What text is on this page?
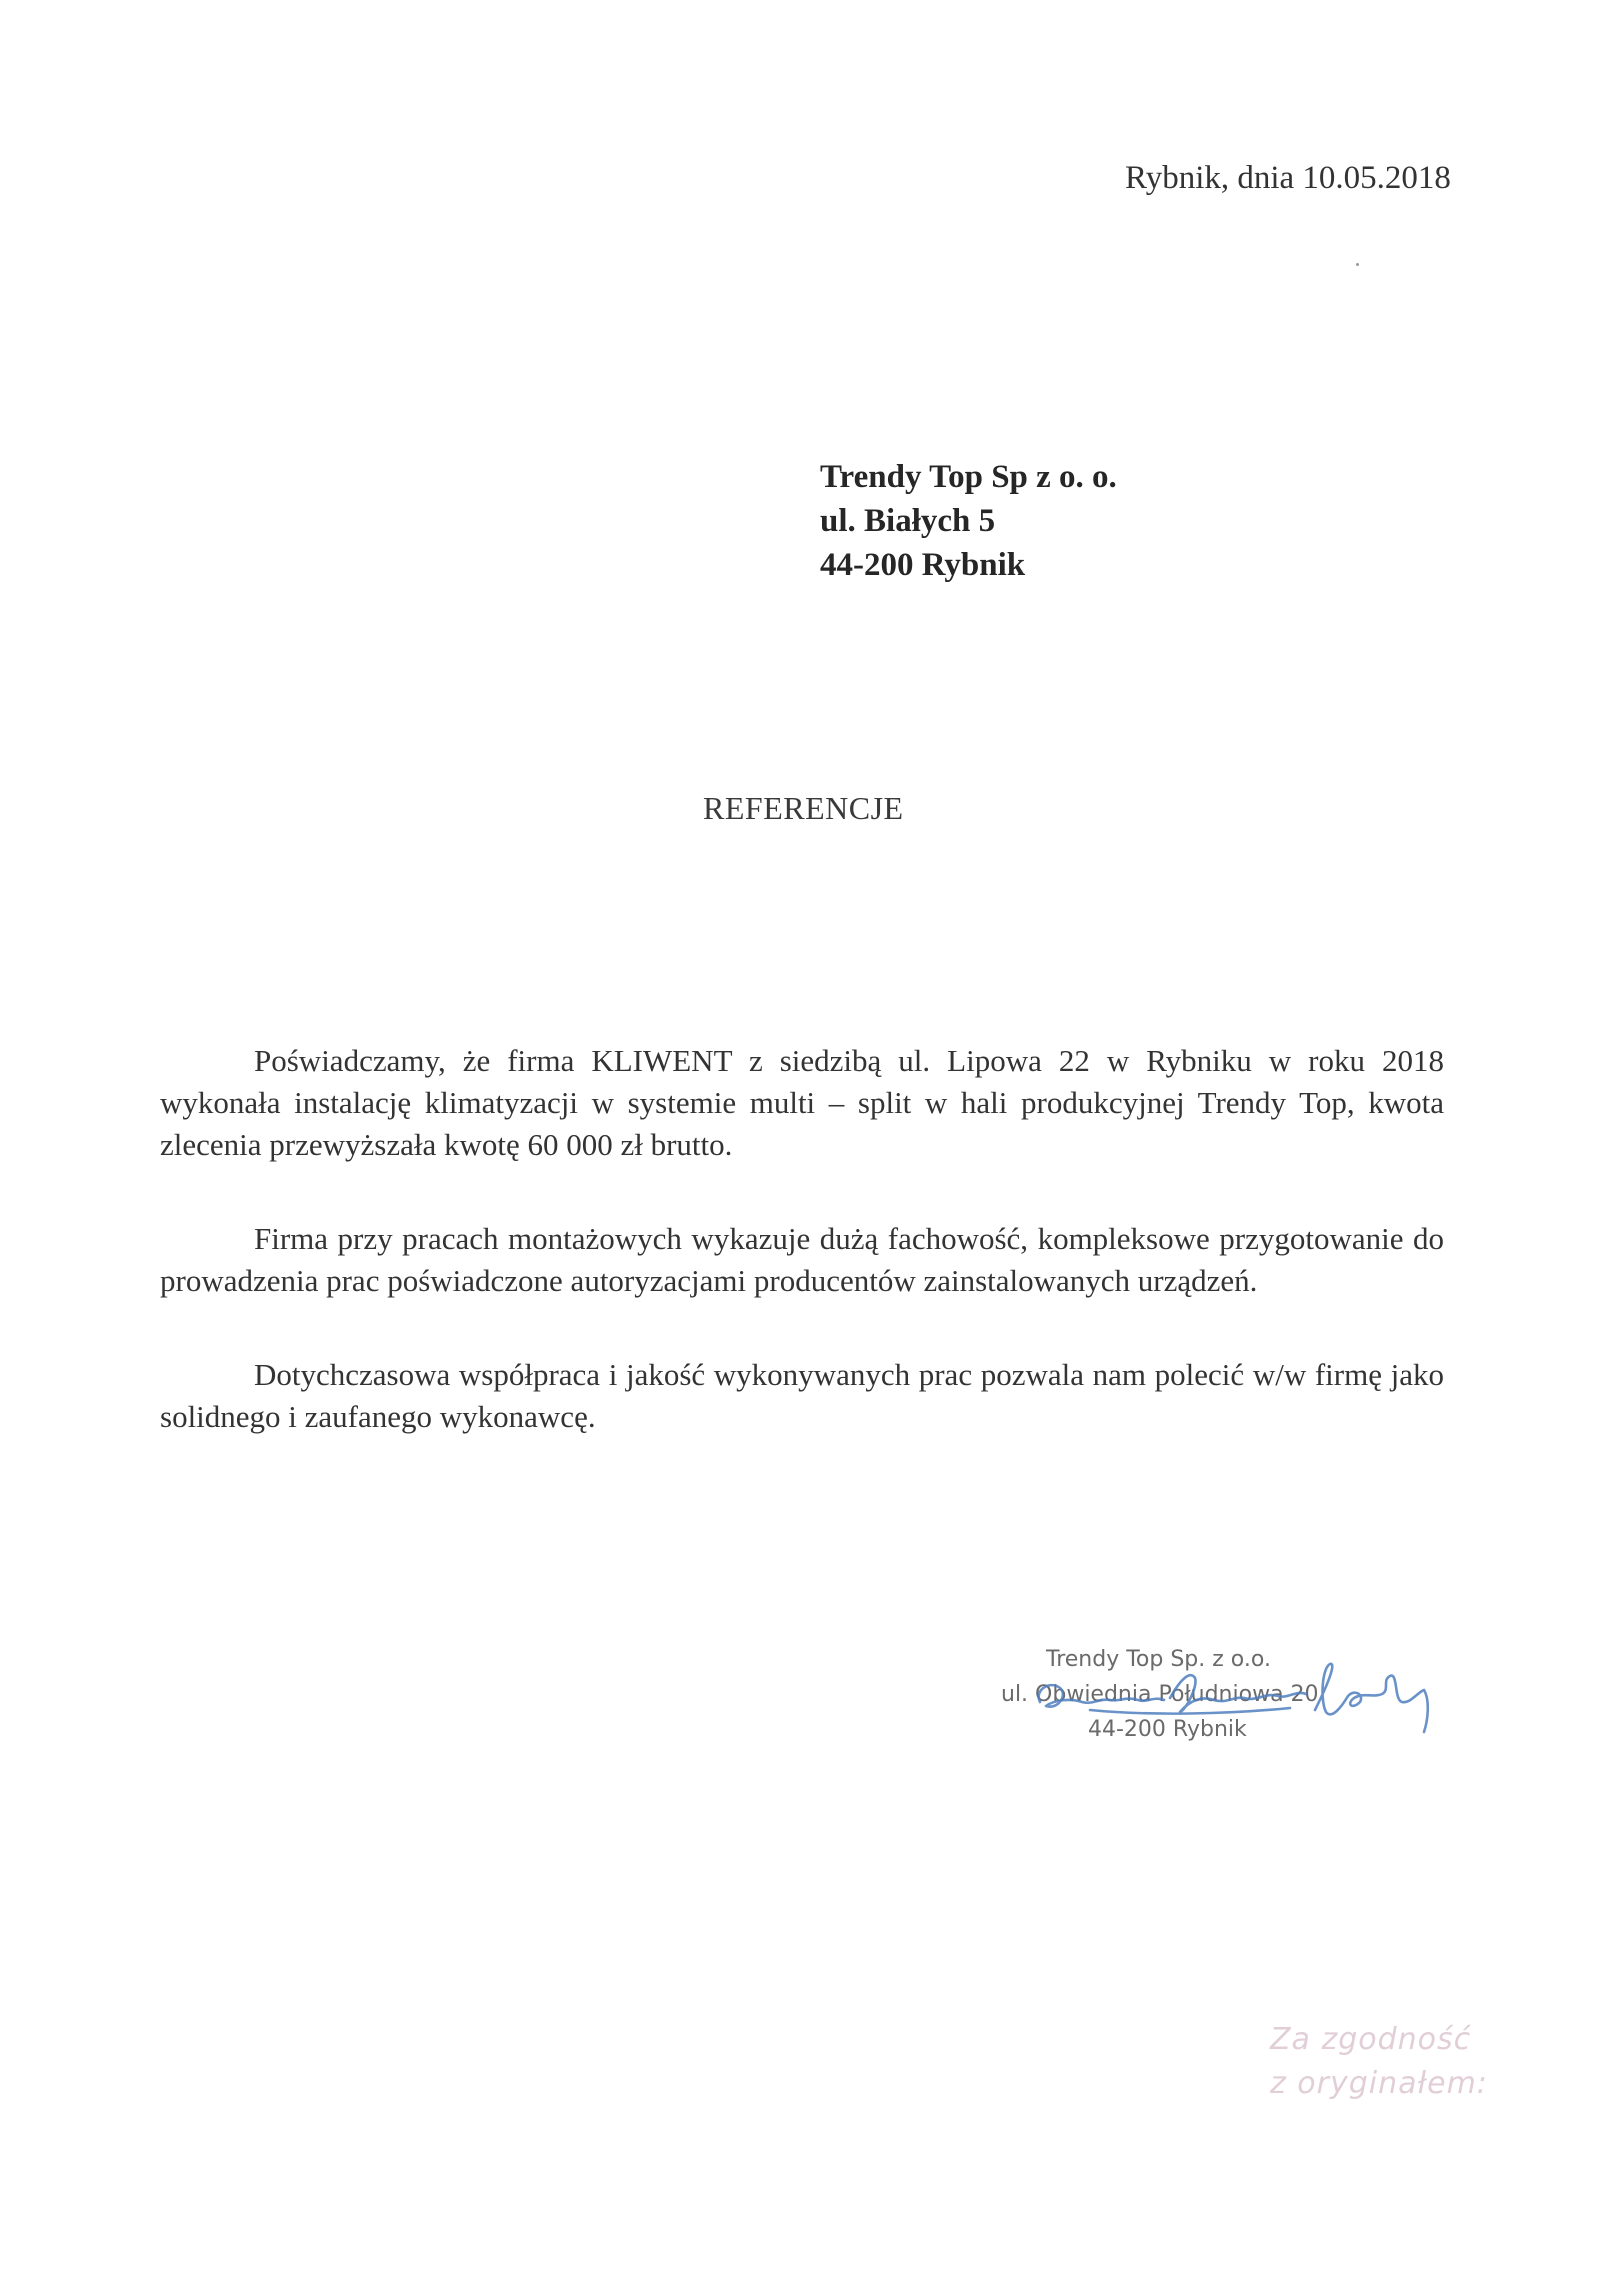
Rybnik, dnia 10.05.2018
Trendy Top Sp z o. o.
ul. Białych 5
44-200 Rybnik
REFERENCJE

Poświadczamy, że firma KLIWENT z siedzibą ul. Lipowa 22 w Rybniku w roku 2018 wykonała instalację klimatyzacji w systemie multi – split w hali produkcyjnej Trendy Top, kwota zlecenia przewyższała kwotę 60 000 zł brutto.

Firma przy pracach montażowych wykazuje dużą fachowość, kompleksowe przygotowanie do prowadzenia prac poświadczone autoryzacjami producentów zainstalowanych urządzeń.

Dotychczasowa współpraca i jakość wykonywanych prac pozwala nam polecić w/w firmę jako solidnego i zaufanego wykonawcę.

Trendy Top Sp. z o.o.
ul. Obwiednia Południowa 20
44-200 Rybnik
Za zgodność
z oryginałem:
